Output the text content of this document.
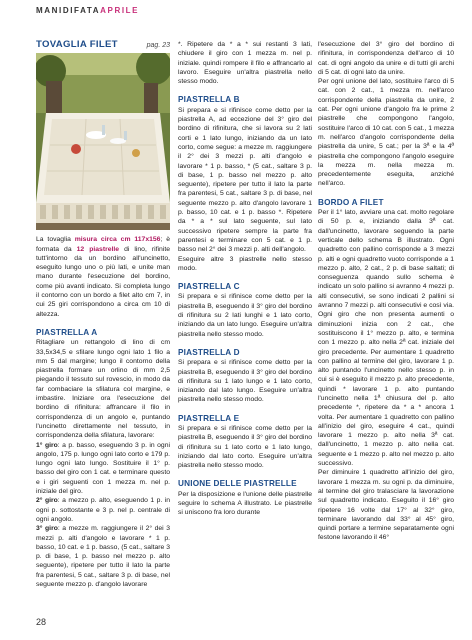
MANIDIFATAAPRILE
TOVAGLIA FILET	pag. 23

La tovaglia misura circa cm 117x156; è formata da 12 piastrelle di lino, rifinite tutt'intorno da un bordino all'uncinetto, eseguito lungo uno o più lati, e unite man mano durante l'esecuzione del bordino, come più avanti indicato. Si completa lungo il contorno con un bordo a filet alto cm 7, in cui 25 giri corrispondono a circa cm 10 di altezza.

PIASTRELLA A

Ritagliare un rettangolo di lino di cm 33,5x34,5 e sfilare lungo ogni lato 1 filo a mm 5 dal margine; lungo il contorno della piastrella formare un orlino di mm 2,5 piegando il tessuto sul rovescio, in modo da far combaciare la sfilatura col margine, e imbastire. Iniziare ora l'esecuzione del bordino di rifinitura: affrancare il filo in corrispondenza di un angolo e, puntando l'uncinetto direttamente nel tessuto, in corrispondenza della sfilatura, lavorare:

1° giro: a p. basso, eseguendo 3 p. in ogni angolo, 175 p. lungo ogni lato corto e 179 p. lungo ogni lato lungo. Sostituire il 1° p. basso del giro con 1 cat. e terminare questo e i giri seguenti con 1 mezza m. nel p. iniziale del giro.

2° giro: a mezzo p. alto, eseguendo 1 p. in ogni p. sottostante e 3 p. nel p. centrale di ogni angolo.

3° giro: a mezze m. raggiungere il 2° dei 3 mezzi p. alti d'angolo e lavorare * 1 p. basso, 10 cat. e 1 p. basso, (5 cat., saltare 3 p. di base, 1 p. basso nel mezzo p. alto seguente), ripetere per tutto il lato la parte fra parentesi, 5 cat., saltare 3 p. di base, nel seguente mezzo p. d'angolo lavorare

*. Ripetere da * a * sui restanti 3 lati, chiudere il giro con 1 mezza m. nel p. iniziale. quindi rompere il filo e affrancarlo al lavoro. Eseguire un'altra piastrella nello stesso modo.

PIASTRELLA B

Si prepara e si rifinisce come detto per la piastrella A, ad eccezione del 3° giro del bordino di rifinitura, che si lavora su 2 lati corti e 1 lato lungo, iniziando da un lato corto, come segue: a mezze m. raggiungere il 2° dei 3 mezzi p. alti d'angolo e lavorare * 1 p. basso, * (5 cat., saltare 3 p. di base, 1 p. basso nel mezzo p. alto seguente), ripetere per tutto il lato la parte fra parentesi, 5 cat., saltare 3 p. di base, nel seguente mezzo p. alto d'angolo lavorare 1 p. basso, 10 cat. e 1 p. basso *. Ripetere da * a * sul lato seguente, sul lato successivo ripetere sempre la parte fra parentesi e terminare con 5 cat. e 1 p. basso nel 2° dei 3 mezzi p. alti dell'angolo.

Eseguire altre 3 piastrelle nello stesso modo.

PIASTRELLA C

Si prepara e si rifinisce come detto per la piastrella B, eseguendo il 3° giro del bordino di rifinitura su 2 lati lunghi e 1 lato corto, iniziando da un lato lungo. Eseguire un'altra piastrella nello stesso modo.

PIASTRELLA D

Si prepara e si rifinisce come detto per la piastrella B, eseguendo il 3° giro del bordino di rifinitura su 1 lato lungo e 1 lato corto, iniziando dal lato lungo. Eseguire un'altra piastrella nello stesso modo.

PIASTRELLA E

Si prepara e si rifinisce come detto per la piastrella B, eseguendo il 3° giro del bordino di rifinitura su 1 lato corto e 1 lato lungo, iniziando dal lato corto. Eseguire un'altra piastrella nello stesso modo.

UNIONE DELLE PIASTRELLE

Per la disposizione e l'unione delle piastrelle seguire lo schema A illustrato. Le piastrelle si uniscono fra loro durante

l'esecuzione del 3° giro del bordino di rifinitura, in corrispondenza dell'arco di 10 cat. di ogni angolo da unire e di tutti gli archi di 5 cat. di ogni lato da unire.

Per ogni unione del lato, sostituire l'arco di 5 cat. con 2 cat., 1 mezza m. nell'arco corrispondente della piastrella da unire, 2 cat. Per ogni unione d'angolo fra le prime 2 piastrelle che compongono l'angolo, sostituire l'arco di 10 cat. con 5 cat., 1 mezza m. nell'arco d'angolo corrispondente della piastrella da unire, 5 cat.; per la 3ª e la 4ª piastrella che compongono l'angolo eseguire la mezza m. nella mezza m. precedentemente eseguita, anziché nell'arco.

BORDO A FILET

Per il 1° lato, avviare una cat. molto regolare di 50 p. e, iniziando dalla 3ª cat. dall'uncinetto, lavorare seguendo la parte verticale dello schema B illustrato. Ogni quadretto con pallino corrisponde a 3 mezzi p. alti e ogni quadretto vuoto corrisponde a 1 mezzo p. alto, 2 cat., 2 p. di base saltati; di conseguenza quando sullo schema è indicato un solo pallino si avranno 4 mezzi p. alti consecutivi, se sono indicati 2 pallini si avranno 7 mezzi p. alti consecutivi e così via. Ogni giro che non presenta aumenti o diminuzioni inizia con 2 cat., che sostituiscono il 1° mezzo p. alto, e termina con 1 mezzo p. alto nella 2ª cat. iniziale del giro precedente. Per aumentare 1 quadretto con pallino al termine del giro, lavorare 1 p. alto puntando l'uncinetto nello stesso p. in cui si è eseguito il mezzo p. alto precedente, quindi * lavorare 1 p. alto puntando l'uncinetto nella 1ª chiusura del p. alto precedente *, ripetere da * a * ancora 1 volta. Per aumentare 1 quadretto con pallino all'inizio del giro, eseguire 4 cat., quindi lavorare 1 mezzo p. alto nella 3ª cat. dall'uncinetto, 1 mezzo p. alto nella cat. seguente e 1 mezzo p. alto nel mezzo p. alto successivo.

Per diminuire 1 quadretto all'inizio del giro, lavorare 1 mezza m. su ogni p. da diminuire, al termine del giro tralasciare la lavorazione sul quadretto indicato. Eseguito il 16° giro ripetere 16 volte dal 17° al 32° giro, terminare lavorando dal 33° al 45° giro, quindi portare a termine separatamente ogni festone lavorando il 46°

28
